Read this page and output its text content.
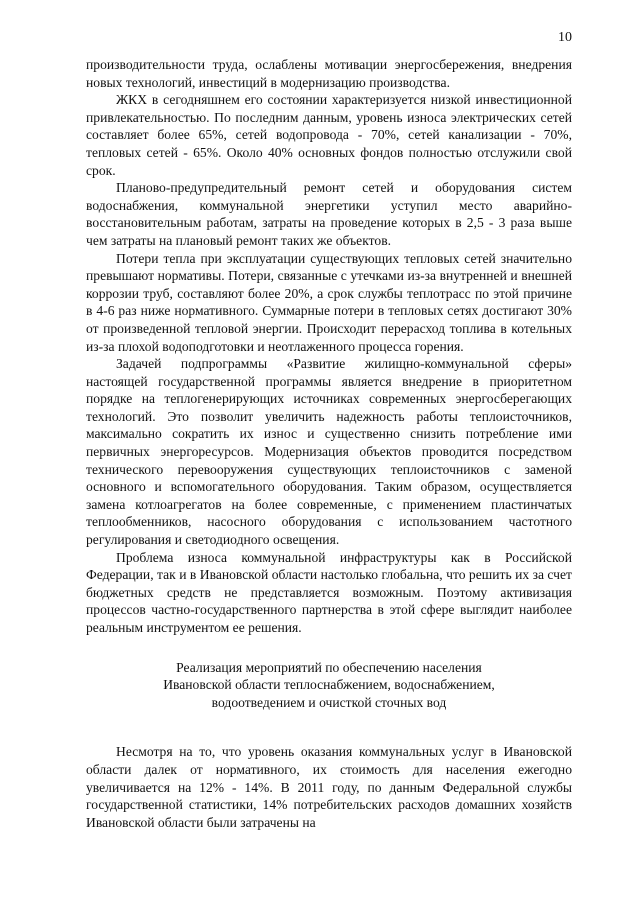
10

производительности труда, ослаблены мотивации энергосбережения, внедрения новых технологий, инвестиций в модернизацию производства.

ЖКХ в сегодняшнем его состоянии характеризуется низкой инвестиционной привлекательностью. По последним данным, уровень износа электрических сетей составляет более 65%, сетей водопровода - 70%, сетей канализации - 70%, тепловых сетей - 65%. Около 40% основных фондов полностью отслужили свой срок.

Планово-предупредительный ремонт сетей и оборудования систем водоснабжения, коммунальной энергетики уступил место аварийно-восстановительным работам, затраты на проведение которых в 2,5 - 3 раза выше чем затраты на плановый ремонт таких же объектов.

Потери тепла при эксплуатации существующих тепловых сетей значительно превышают нормативы. Потери, связанные с утечками из-за внутренней и внешней коррозии труб, составляют более 20%, а срок службы теплотрасс по этой причине в 4-6 раз ниже нормативного. Суммарные потери в тепловых сетях достигают 30% от произведенной тепловой энергии. Происходит перерасход топлива в котельных из-за плохой водоподготовки и неотлаженного процесса горения.

Задачей подпрограммы «Развитие жилищно-коммунальной сферы» настоящей государственной программы является внедрение в приоритетном порядке на теплогенерирующих источниках современных энергосберегающих технологий. Это позволит увеличить надежность работы теплоисточников, максимально сократить их износ и существенно снизить потребление ими первичных энергоресурсов. Модернизация объектов проводится посредством технического перевооружения существующих теплоисточников с заменой основного и вспомогательного оборудования. Таким образом, осуществляется замена котлоагрегатов на более современные, с применением пластинчатых теплообменников, насосного оборудования с использованием частотного регулирования и светодиодного освещения.

Проблема износа коммунальной инфраструктуры как в Российской Федерации, так и в Ивановской области настолько глобальна, что решить их за счет бюджетных средств не представляется возможным. Поэтому активизация процессов частно-государственного партнерства в этой сфере выглядит наиболее реальным инструментом ее решения.

Реализация мероприятий по обеспечению населения
Ивановской области теплоснабжением, водоснабжением,
водоотведением и очисткой сточных вод

Несмотря на то, что уровень оказания коммунальных услуг в Ивановской области далек от нормативного, их стоимость для населения ежегодно увеличивается на 12% - 14%. В 2011 году, по данным Федеральной службы государственной статистики, 14% потребительских расходов домашних хозяйств Ивановской области были затрачены на
